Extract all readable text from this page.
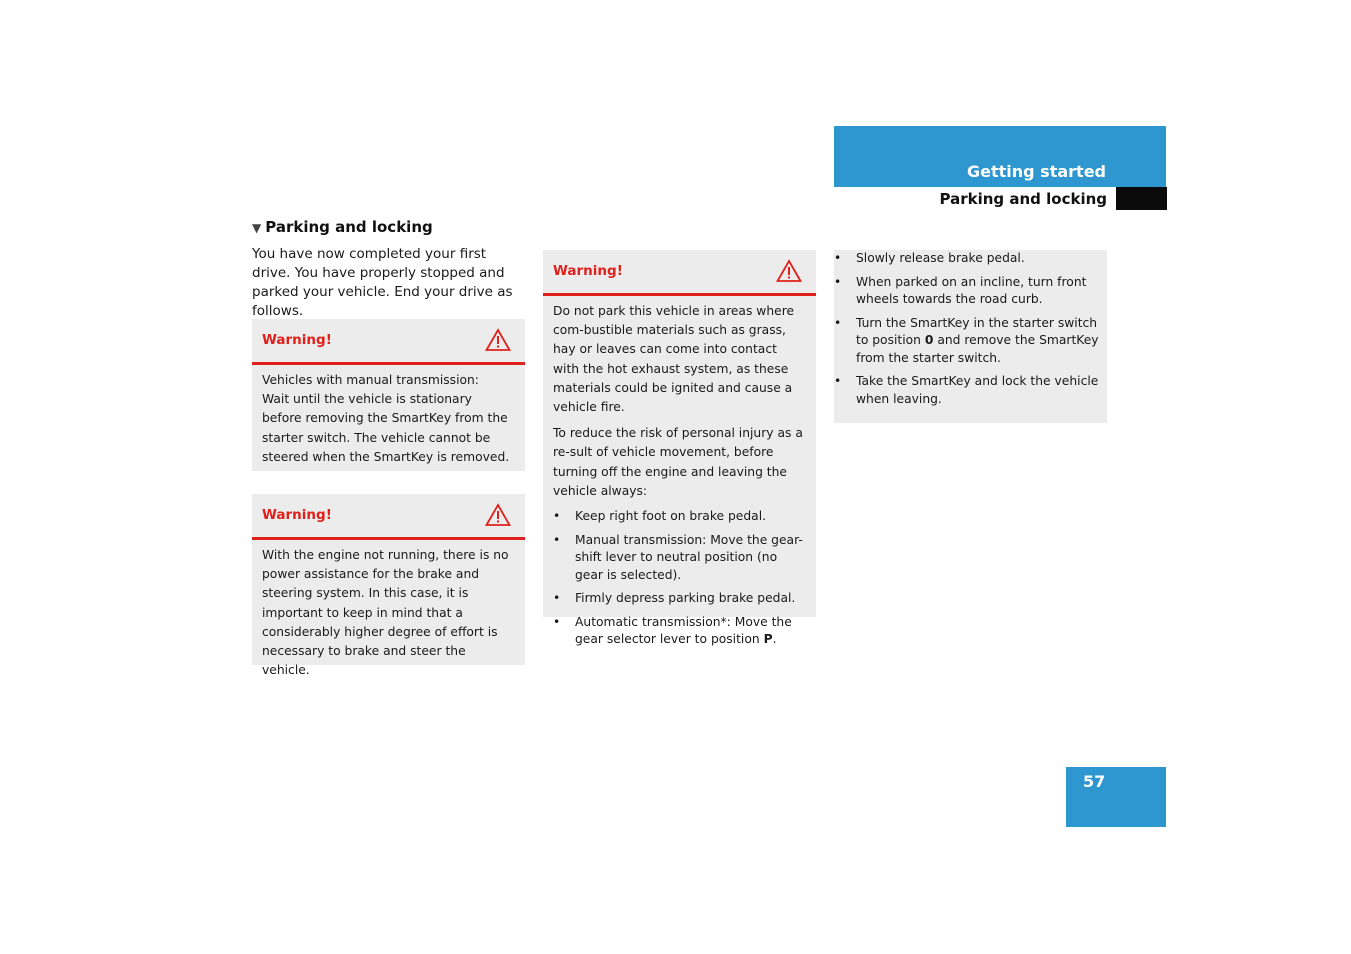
Getting started
Parking and locking
▼ Parking and locking
You have now completed your first drive. You have properly stopped and parked your vehicle. End your drive as follows.
Warning!
Vehicles with manual transmission:
Wait until the vehicle is stationary before removing the SmartKey from the starter switch. The vehicle cannot be steered when the SmartKey is removed.
Warning!
With the engine not running, there is no power assistance for the brake and steering system. In this case, it is important to keep in mind that a considerably higher degree of effort is necessary to brake and steer the vehicle.
Warning!

Do not park this vehicle in areas where com-bustible materials such as grass, hay or leaves can come into contact with the hot exhaust system, as these materials could be ignited and cause a vehicle fire.

To reduce the risk of personal injury as a re-sult of vehicle movement, before turning off the engine and leaving the vehicle always:

• Keep right foot on brake pedal.
• Manual transmission: Move the gear-shift lever to neutral position (no gear is selected).
• Firmly depress parking brake pedal.
• Automatic transmission*: Move the gear selector lever to position P.
• Slowly release brake pedal.
• When parked on an incline, turn front wheels towards the road curb.
• Turn the SmartKey in the starter switch to position 0 and remove the SmartKey from the starter switch.
• Take the SmartKey and lock the vehicle when leaving.
57
